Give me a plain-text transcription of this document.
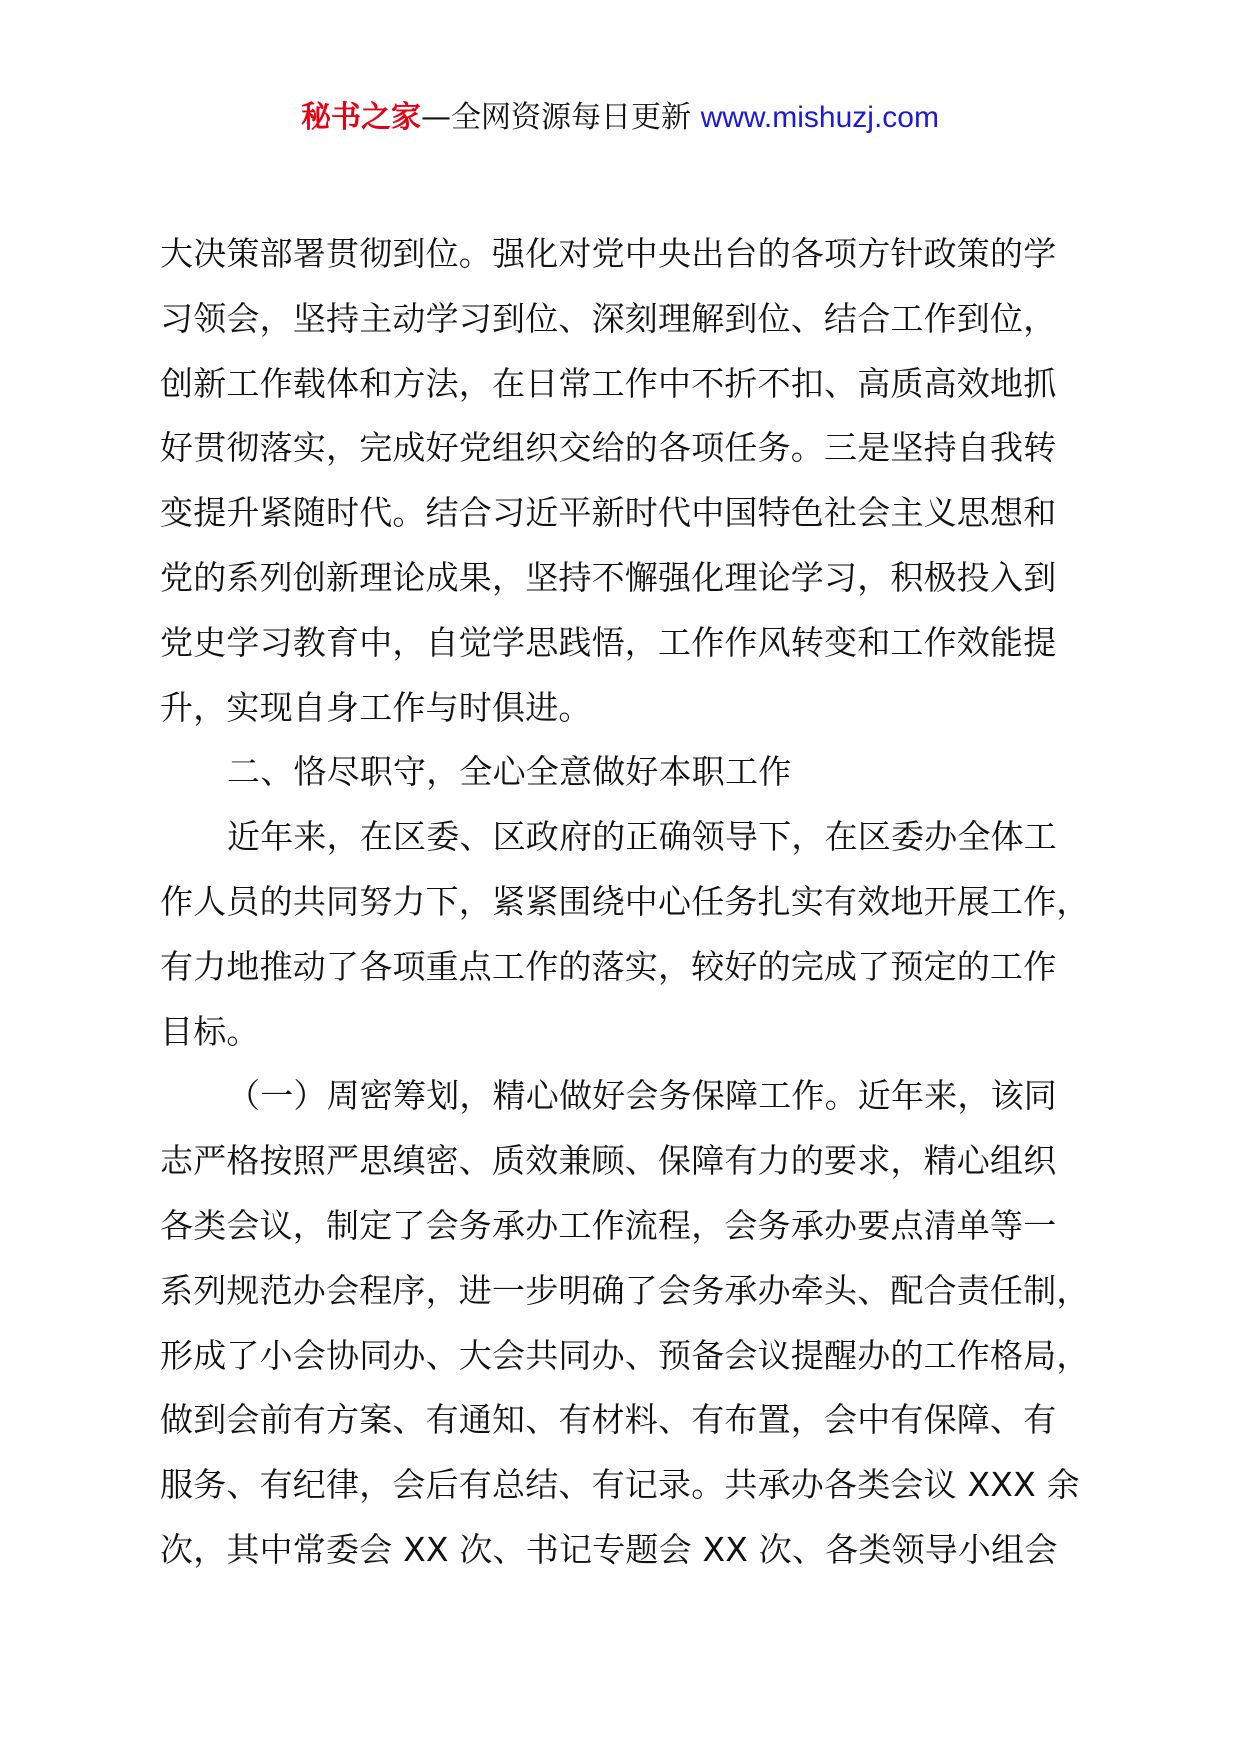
秘书之家—全网资源每日更新 www.mishuzj.com
大决策部署贯彻到位。强化对党中央出台的各项方针政策的学
习领会，坚持主动学习到位、深刻理解到位、结合工作到位，
创新工作载体和方法，在日常工作中不折不扣、高质高效地抓
好贯彻落实，完成好党组织交给的各项任务。三是坚持自我转
变提升紧随时代。结合习近平新时代中国特色社会主义思想和
党的系列创新理论成果，坚持不懈强化理论学习，积极投入到
党史学习教育中，自觉学思践悟，工作作风转变和工作效能提
升，实现自身工作与时俱进。
二、恪尽职守，全心全意做好本职工作
近年来，在区委、区政府的正确领导下，在区委办全体工
作人员的共同努力下，紧紧围绕中心任务扎实有效地开展工作，
有力地推动了各项重点工作的落实，较好的完成了预定的工作
目标。
（一）周密筹划，精心做好会务保障工作。近年来，该同
志严格按照严思缜密、质效兼顾、保障有力的要求，精心组织
各类会议，制定了会务承办工作流程，会务承办要点清单等一
系列规范办会程序，进一步明确了会务承办牵头、配合责任制，
形成了小会协同办、大会共同办、预备会议提醒办的工作格局，
做到会前有方案、有通知、有材料、有布置，会中有保障、有
服务、有纪律，会后有总结、有记录。共承办各类会议 XXX 余
次，其中常委会 XX 次、书记专题会 XX 次、各类领导小组会
